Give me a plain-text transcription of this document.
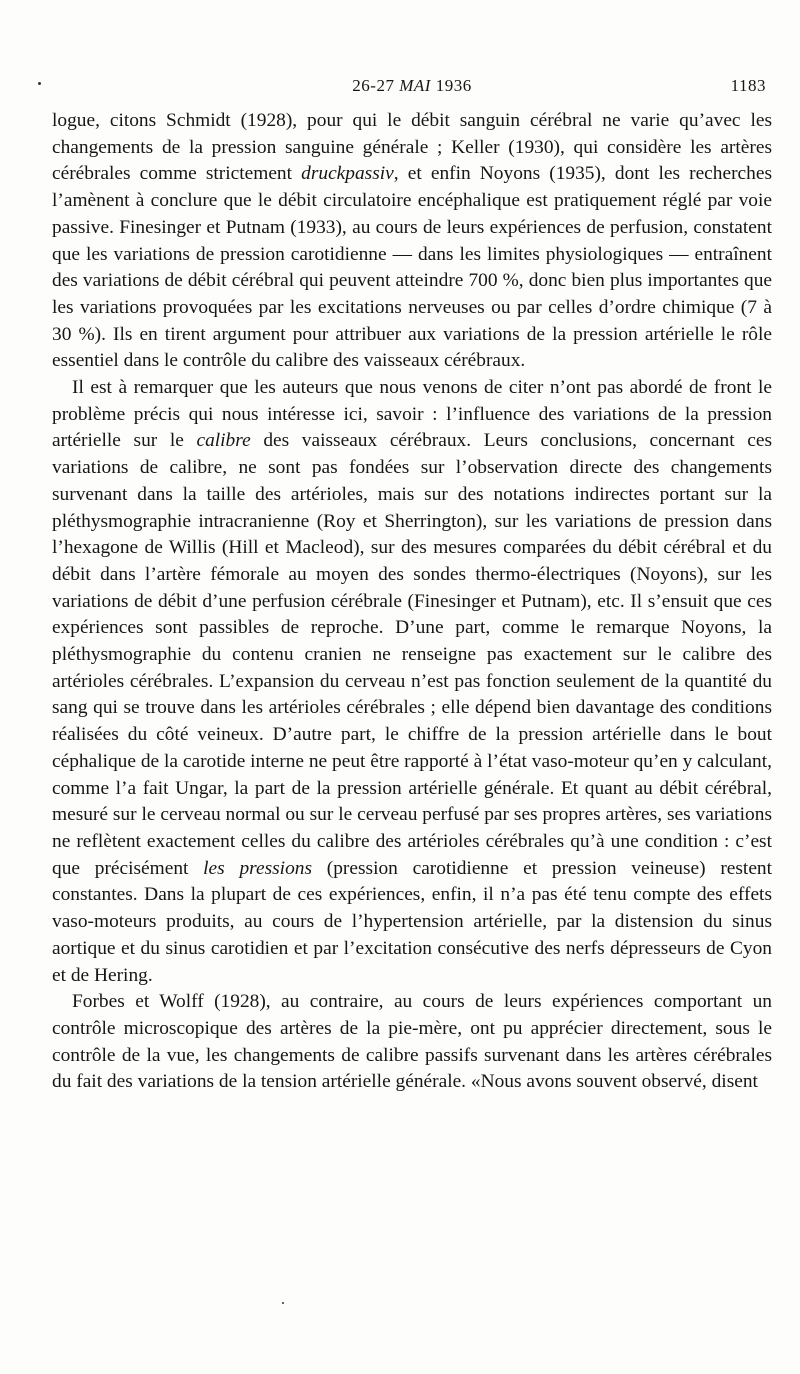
26-27 MAI 1936	1183

logue, citons Schmidt (1928), pour qui le débit sanguin cérébral ne varie qu’avec les changements de la pression sanguine générale ; Keller (1930), qui considère les artères cérébrales comme strictement druckpassiv, et enfin Noyons (1935), dont les recherches l’amènent à conclure que le débit circulatoire encéphalique est pratiquement réglé par voie passive. Finesinger et Putnam (1933), au cours de leurs expériences de perfusion, constatent que les variations de pression carotidienne — dans les limites physiologiques — entraînent des variations de débit cérébral qui peuvent atteindre 700 %, donc bien plus importantes que les variations provoquées par les excitations nerveuses ou par celles d’ordre chimique (7 à 30 %). Ils en tirent argument pour attribuer aux variations de la pression artérielle le rôle essentiel dans le contrôle du calibre des vaisseaux cérébraux.

Il est à remarquer que les auteurs que nous venons de citer n’ont pas abordé de front le problème précis qui nous intéresse ici, savoir : l’influence des variations de la pression artérielle sur le calibre des vaisseaux cérébraux. Leurs conclusions, concernant ces variations de calibre, ne sont pas fondées sur l’observation directe des changements survenant dans la taille des artérioles, mais sur des notations indirectes portant sur la pléthysmographie intracranienne (Roy et Sherrington), sur les variations de pression dans l’hexagone de Willis (Hill et Macleod), sur des mesures comparées du débit cérébral et du débit dans l’artère fémorale au moyen des sondes thermo-électriques (Noyons), sur les variations de débit d’une perfusion cérébrale (Finesinger et Putnam), etc. Il s’ensuit que ces expériences sont passibles de reproche. D’une part, comme le remarque Noyons, la pléthysmographie du contenu cranien ne renseigne pas exactement sur le calibre des artérioles cérébrales. L’expansion du cerveau n’est pas fonction seulement de la quantité du sang qui se trouve dans les artérioles cérébrales ; elle dépend bien davantage des conditions réalisées du côté veineux. D’autre part, le chiffre de la pression artérielle dans le bout céphalique de la carotide interne ne peut être rapporté à l’état vaso-moteur qu’en y calculant, comme l’a fait Ungar, la part de la pression artérielle générale. Et quant au débit cérébral, mesuré sur le cerveau normal ou sur le cerveau perfusé par ses propres artères, ses variations ne reflètent exactement celles du calibre des artérioles cérébrales qu’à une condition : c’est que précisément les pressions (pression carotidienne et pression veineuse) restent constantes. Dans la plupart de ces expériences, enfin, il n’a pas été tenu compte des effets vaso-moteurs produits, au cours de l’hypertension artérielle, par la distension du sinus aortique et du sinus carotidien et par l’excitation consécutive des nerfs dépresseurs de Cyon et de Hering.

Forbes et Wolff (1928), au contraire, au cours de leurs expériences comportant un contrôle microscopique des artères de la pie-mère, ont pu apprécier directement, sous le contrôle de la vue, les changements de calibre passifs survenant dans les artères cérébrales du fait des variations de la tension artérielle générale. «Nous avons souvent observé, disent
